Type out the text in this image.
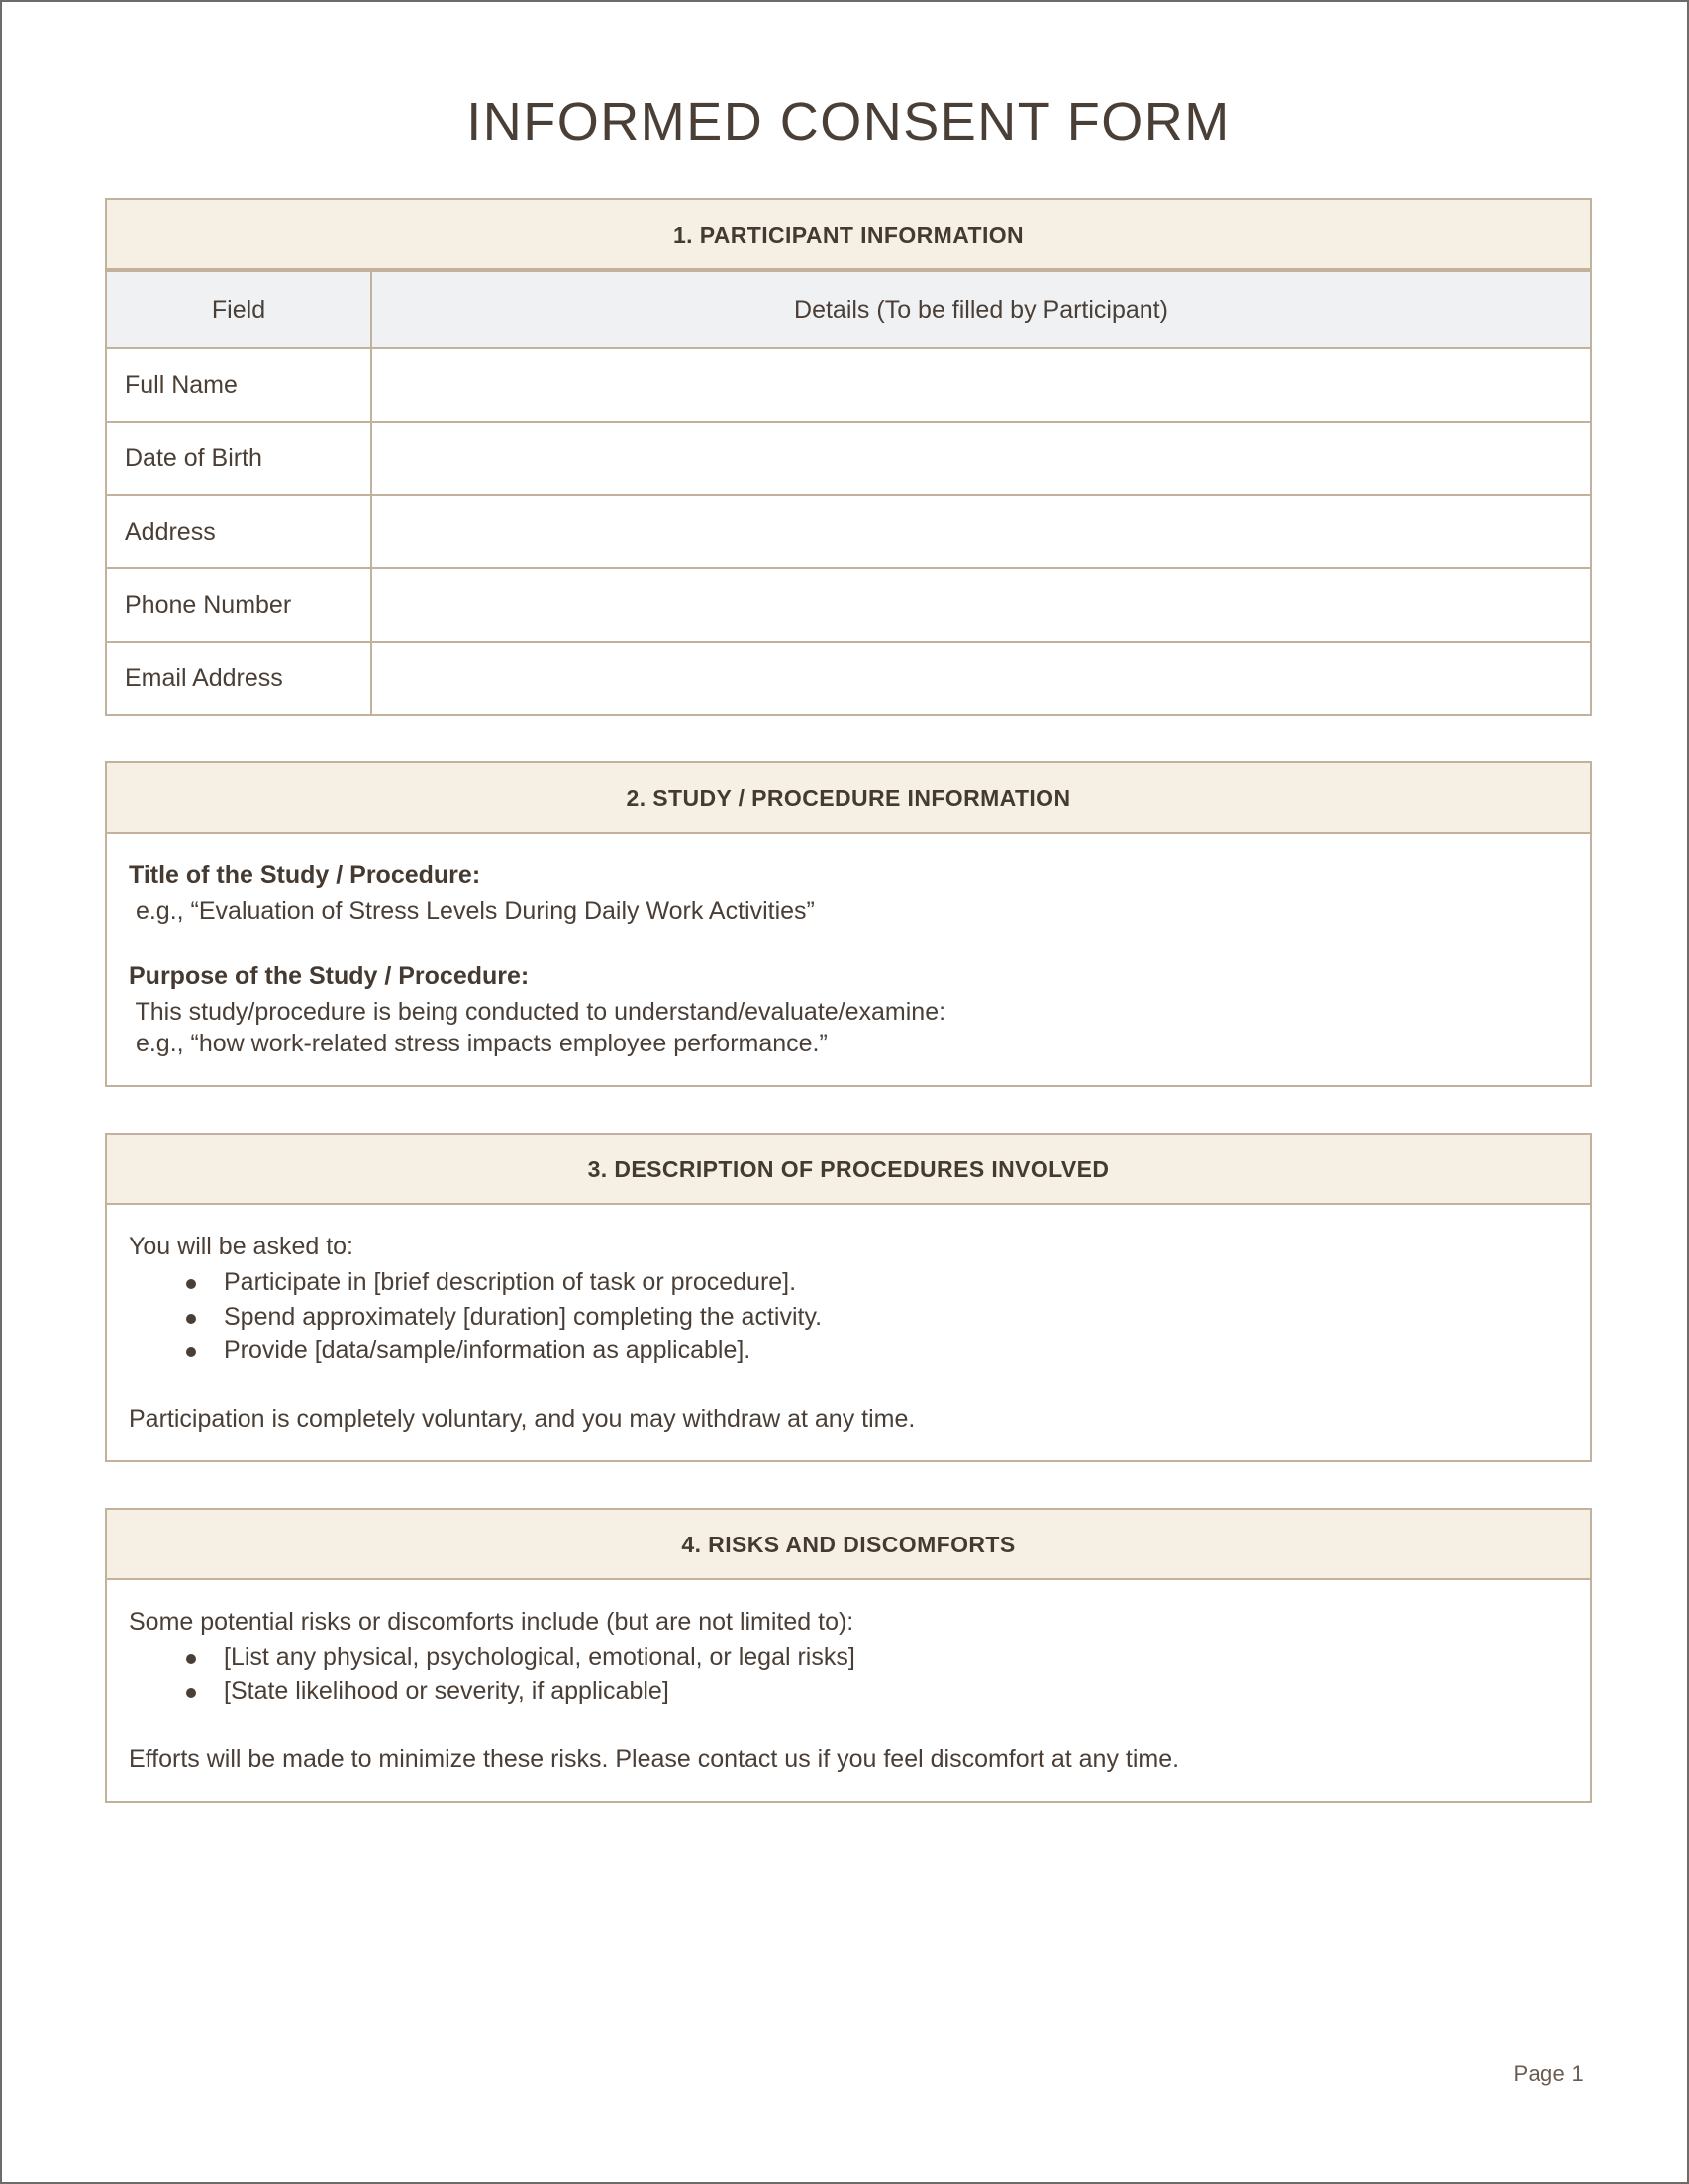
INFORMED CONSENT FORM
1. PARTICIPANT INFORMATION
Field	Details (To be filled by Participant)
Full Name	
Date of Birth	
Address	
Phone Number	
Email Address	
2. STUDY / PROCEDURE INFORMATION
Title of the Study / Procedure:
e.g., “Evaluation of Stress Levels During Daily Work Activities”
Purpose of the Study / Procedure:
This study/procedure is being conducted to understand/evaluate/examine:
e.g., “how work-related stress impacts employee performance.”
3. DESCRIPTION OF PROCEDURES INVOLVED
You will be asked to:
Participate in [brief description of task or procedure].
Spend approximately [duration] completing the activity.
Provide [data/sample/information as applicable].
Participation is completely voluntary, and you may withdraw at any time.
4. RISKS AND DISCOMFORTS
Some potential risks or discomforts include (but are not limited to):
[List any physical, psychological, emotional, or legal risks]
[State likelihood or severity, if applicable]
Efforts will be made to minimize these risks. Please contact us if you feel discomfort at any time.
Page 1
